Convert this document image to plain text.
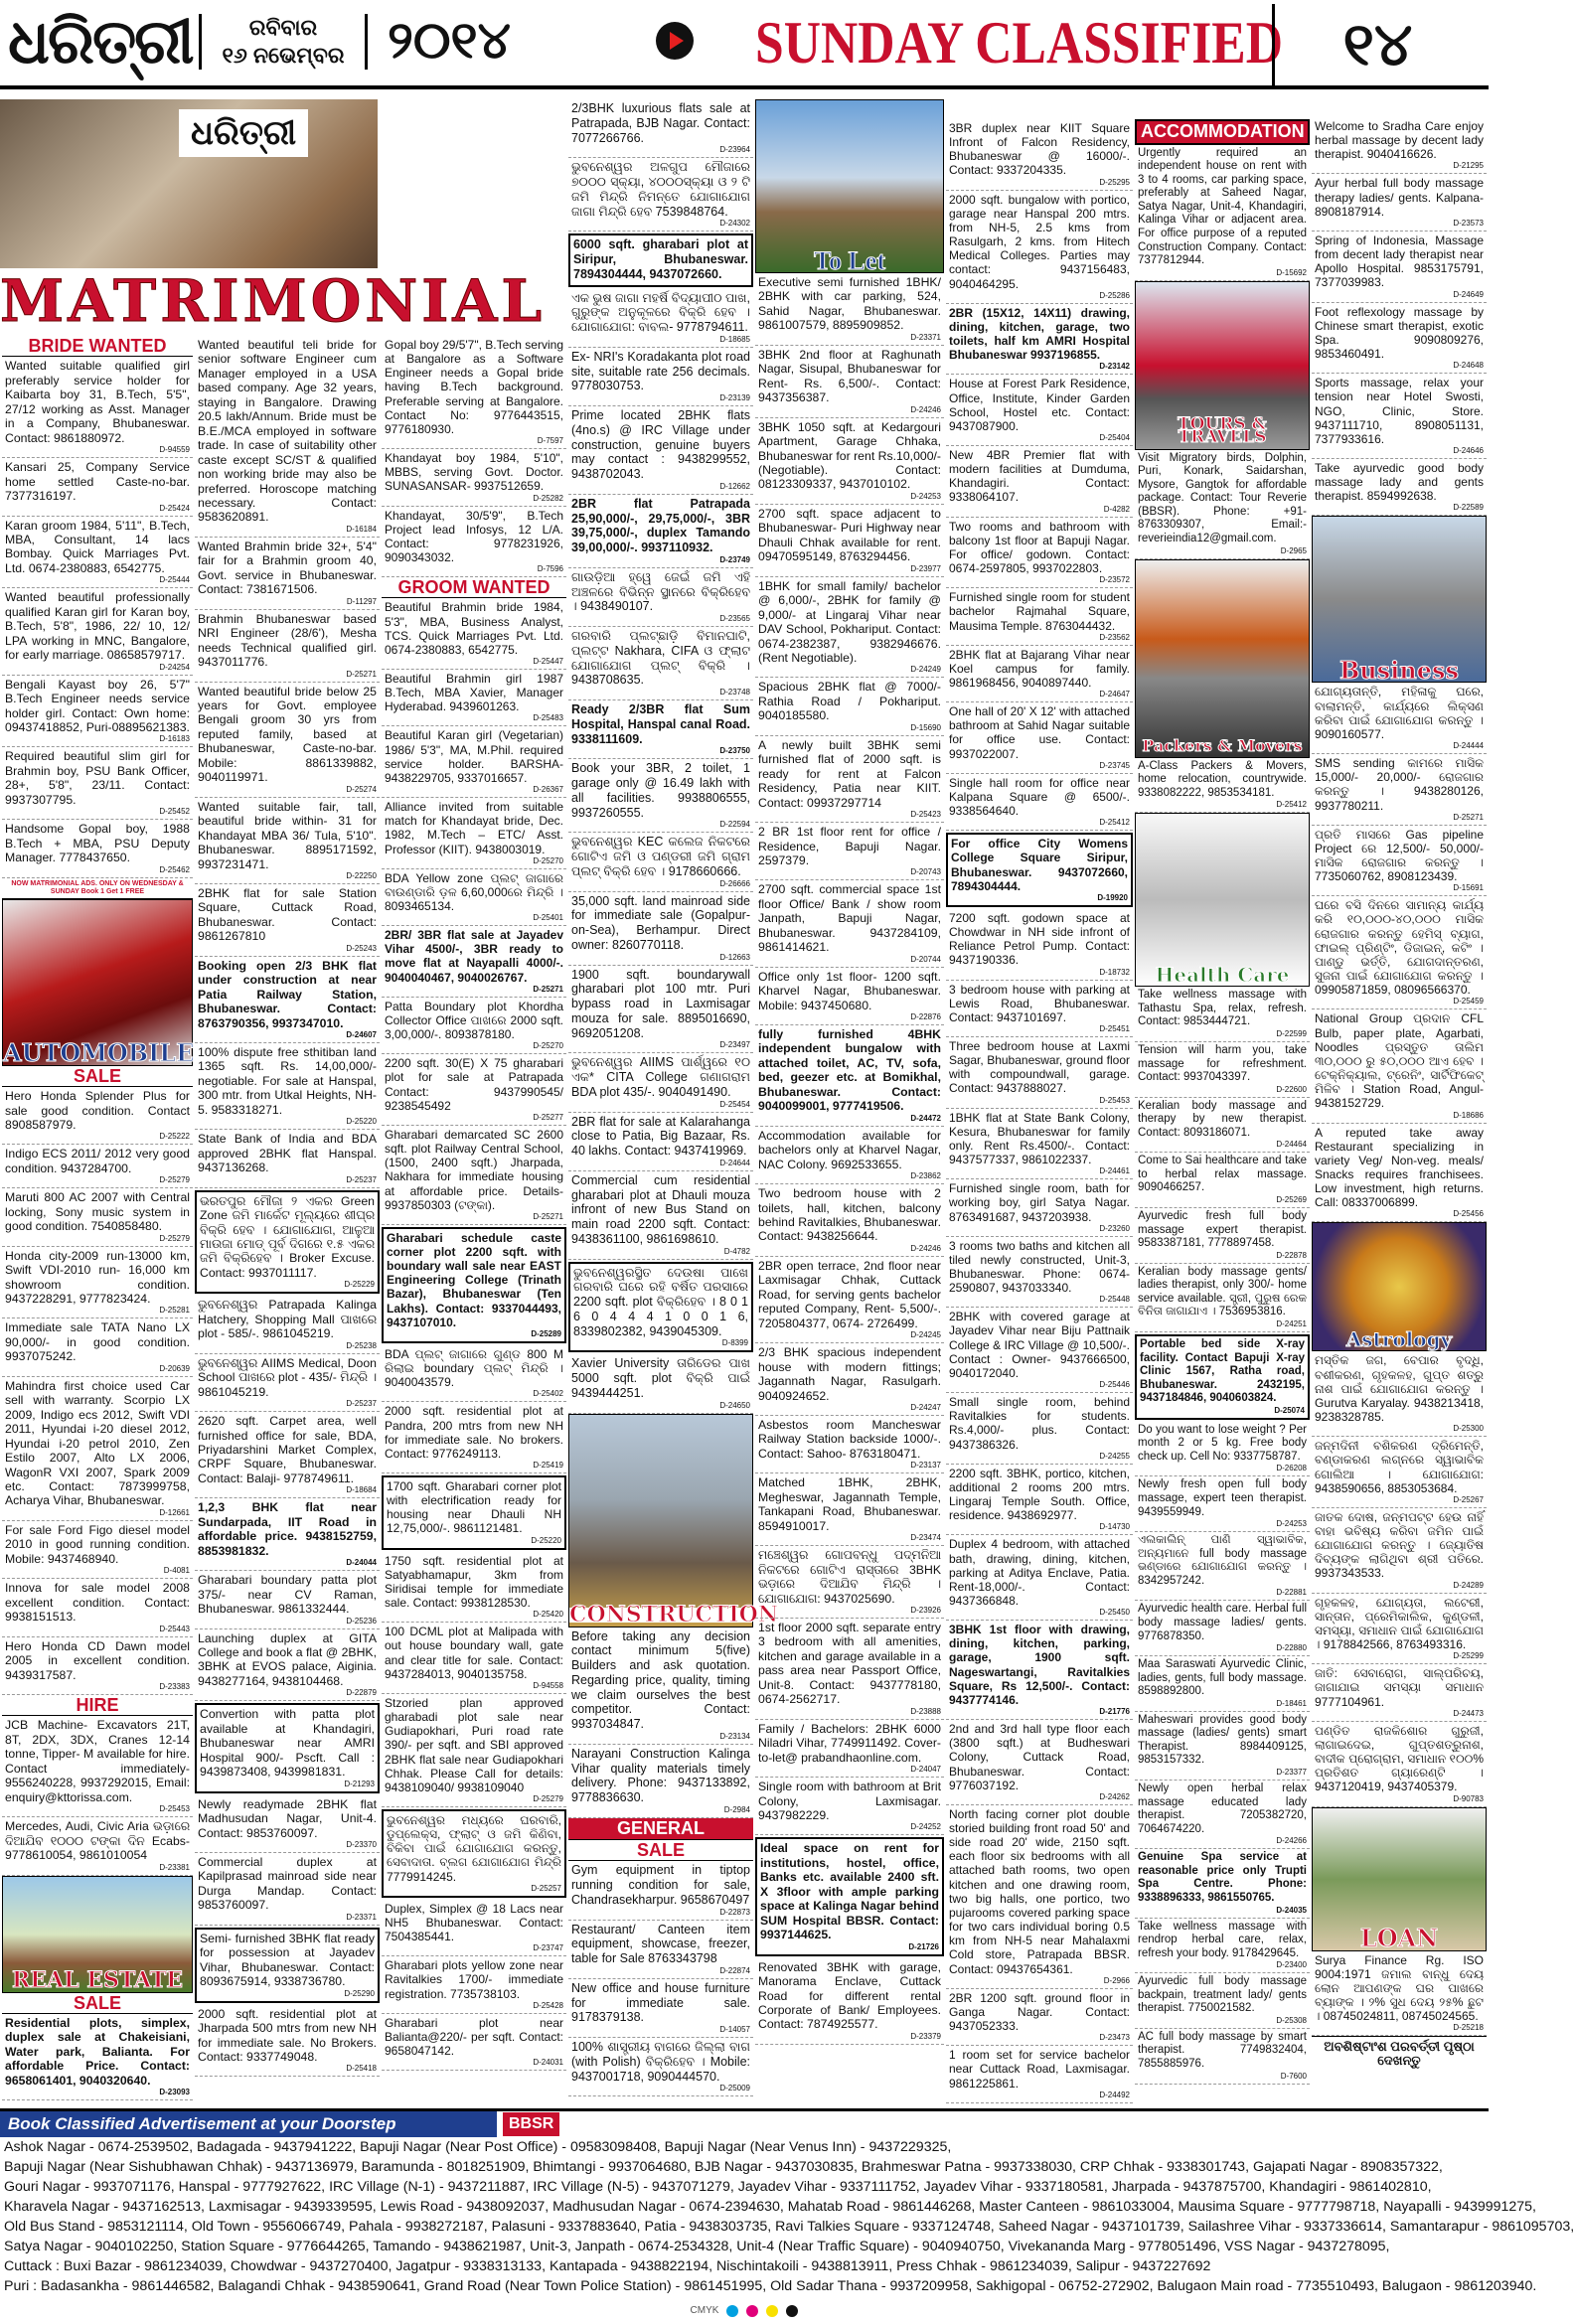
ଧରିତ୍ରୀ	ରବିବାର
୧୬ ନଭେମ୍ବର ୨୦୧୪	SUNDAY CLASSIFIED	୧୪
ଧରିତ୍ରୀ
MATRIMONIAL
BRIDE WANTED
Wanted suitable qualified girl preferably service holder for Kaibarta boy 31, B.Tech, 5'5", 27/12 working as Asst. Manager in a Company, Bhubaneswar. Contact: 9861880972.
D-94559
Kansari 25, Company Service home settled Caste-no-bar. 7377316197.
D-25424
Karan groom 1984, 5'11", B.Tech, MBA, Consultant, 14 lacs Bombay. Quick Marriages Pvt. Ltd. 0674-2380883, 6542775.
D-25444
Wanted beautiful professionally qualified Karan girl for Karan boy, B.Tech, 5'8", 1986, 22/ 10, 12/ LPA working in MNC, Bangalore, for early marriage. 08658579717.
D-24254
Bengali Kayast boy 26, 5'7" B.Tech Engineer needs service holder girl. Contact: Own home: 09437418852, Puri-08895621383.
D-16183
Required beautiful slim girl for Brahmin boy, PSU Bank Officer, 28+, 5'8", 23/11. Contact: 9937307795.
D-25452
Handsome Gopal boy, 1988 B.Tech + MBA, PSU Deputy Manager. 7778437650.
D-25462
NOW MATRIMONIAL ADS. ONLY ON WEDNESDAY & SUNDAY Book 1 Get 1 FREE
AUTOMOBILE
SALE
Hero Honda Splender Plus for sale good condition. Contact 8908587979.
D-25222
Indigo ECS 2011/ 2012 very good condition. 9437284700.
D-25279
Maruti 800 AC 2007 with Central locking, Sony music system in good condition. 7540858480.
D-25279
Honda city-2009 run-13000 km, Swift VDI-2010 run- 16,000 km showroom condition. 9437228291, 9777823424.
D-25281
Immediate sale TATA Nano LX 90,000/- in good condition. 9937075242.
D-20639
Mahindra first choice used Car sell with warranty. Scorpio LX 2009, Indigo ecs 2012, Swift VDI 2011, Hyundai i-20 diesel 2012, Hyundai i-20 petrol 2010, Zen Estilo 2007, Alto LX 2006, WagonR VXI 2007, Spark 2009 etc. Contact: 7873999758, Acharya Vihar, Bhubaneswar.
D-12661
For sale Ford Figo diesel model 2010 in good running condition. Mobile: 9437468940.
D-4081
Innova for sale model 2008 excellent condition. Contact: 9938151513.
D-25443
Hero Honda CD Dawn model 2005 in excellent condition. 9439317587.
D-23383
HIRE
JCB Machine- Excavators 21T, 8T, 2DX, 3DX, Cranes 12-14 tonne, Tipper- M available for hire. Contact immediately- 9556240228, 9937292015, Email: enquiry@kttorissa.com.
D-25453
Mercedes, Audi, Civic Aria ଭଡ଼ାରେ ଦିଆଯିବ ୧୦୦୦ ଟଙ୍କା ଦିନ Ecabs-9778610054, 9861010054
D-23381
REAL ESTATE
SALE
Residential plots, simplex, duplex sale at Chakeisiani, Water park, Balianta. For affordable Price. Contact: 9658061401, 9040320640.
D-23093
Wanted beautiful teli bride for senior software Engineer cum Manager employed in a USA based company. Age 32 years, staying in Bangalore. Drawing 20.5 lakh/Annum. Bride must be B.E./MCA employed in software trade. In case of suitability other caste except SC/ST & qualified non working bride may also be preferred. Horoscope matching necessary. Contact: 9583620891.
D-16184
Wanted Brahmin bride 32+, 5'4" fair for a Brahmin groom 40, Govt. service in Bhubaneswar. Contact: 7381671506.
D-11297
Brahmin Bhubaneswar based NRI Engineer (28/6'), Mesha needs Technical qualified girl. 9437011776.
D-25271
Wanted beautiful bride below 25 years for Govt. employee Bengali groom 30 yrs from reputed family, based at Bhubaneswar, Caste-no-bar. Mobile: 8861339882, 9040119971.
D-25274
Wanted suitable fair, tall, beautiful bride within- 31 for Khandayat MBA 36/ Tula, 5'10". Bhubaneswar. 8895171592, 9937231471.
D-22250
2BHK flat for sale Station Square, Cuttack Road, Bhubaneswar. Contact: 9861267810
D-25243
Booking open 2/3 BHK flat under construction at near Patia Railway Station, Bhubaneswar. Contact: 8763790356, 9937347010.
D-24607
100% dispute free sthitiban land 1365 sqft. Rs. 14,00,000/- negotiable. For sale at Hanspal, 300 mtr. from Utkal Heights, NH-5. 9583318271.
D-25220
State Bank of India and BDA approved 2BHK flat Hanspal. 9437136268.
D-25237
ଭରତପୁର ମୌଜା ୨ ଏକର Green Zone ଜମି ମାର୍କେଟ ମୂଲ୍ୟରେ ଶୀଘ୍ର ବିକ୍ରି ହେବ । ଯୋଗାଯୋଗ, ଆଳୁଆ ମାଉଜା ମୋଡ୍ ପୂର୍ବ ଦିଗରେ ୧.୫ ଏକର ଜମି ବିକ୍ରିହେବ । Broker Excuse. Contact: 9937011117.
D-25229
ଭୁବନେଶ୍ୱର Patrapada Kalinga Hatchery, Shopping Mall ପାଖରେ plot - 585/-. 9861045219.
D-25238
ଭୁବନେଶ୍ୱର AIIMS Medical, Doon School ପାଖରେ plot - 435/- ମିନ୍ଦ୍ରି । 9861045219.
D-25237
2620 sqft. Carpet area, well furnished office for sale, BDA, Priyadarshini Market Complex, CRPF Square, Bhubaneswar. Contact: Balaji- 9778749611.
D-18684
1,2,3 BHK flat near Sundarpada, IIT Road in affordable price. 9438152759, 8853981832.
D-24044
Gharabari boundary patta plot 375/- near CV Raman, Bhubaneswar. 9861332444.
D-25236
Launching duplex at GITA College and book a flat @ 2BHK, 3BHK at EVOS palace, Aiginia. 9438277164, 9438104468.
D-22879
Convertion with patta plot available at Khandagiri, Bhubaneswar near AMRI Hospital 900/- Pscft. Call : 9439873408, 9439981831.
D-21293
Newly readymade 2BHK flat Madhusudan Nagar, Unit-4. Contact: 9853760097.
D-23370
Commercial duplex at Kapilprasad mainroad side near Durga Mandap. Contact: 9853760097.
D-23371
Semi- furnished 3BHK flat ready for possession at Jayadev Vihar, Bhubaneswar. Contact: 8093675914, 9338736780.
D-25290
2000 sqft. residential plot at Jharpada 500 mtrs from new NH for immediate sale. No Brokers. Contact: 9337749048.
D-25418
Gopal boy 29/5'7", B.Tech serving at Bangalore as a Software Engineer needs a Gopal bride having B.Tech background. Preferable serving at Bangalore. Contact No: 9776443515, 9776180930.
D-7597
Khandayat boy 1984, 5'10", MBBS, serving Govt. Doctor. SUNASANSAR- 9937512659.
D-25282
Khandayat, 30/5'9", B.Tech Project lead Infosys, 12 L/A. Contact: 9778231926, 9090343032.
D-7596
GROOM WANTED
Beautiful Brahmin bride 1984, 5'3", MBA, Business Analyst, TCS. Quick Marriages Pvt. Ltd. 0674-2380883, 6542775.
D-25447
Beautiful Brahmin girl 1987 B.Tech, MBA Xavier, Manager Hyderabad. 9439601263.
D-25483
Beautiful Karan girl (Vegetarian) 1986/ 5'3", MA, M.Phil. required service holder. BARSHA- 9438229705, 9337016657.
D-26367
Alliance invited from suitable match for Khandayat bride, Dec. 1982, M.Tech – ETC/ Asst. Professor (KIIT). 9438003019.
D-25270
BDA Yellow zone ପ୍ଲଟ୍ ଜାଗାରେ ବାଉଣ୍ଡାରି ଡ଼ଳ 6,60,000ରେ ମିନ୍ଦ୍ରି । 8093465134.
D-25401
2BR/ 3BR flat sale at Jayadev Vihar 4500/-, 3BR ready to move flat at Nayapalli 4000/-. 9040040467, 9040026767.
D-25271
Patta Boundary plot Khordha Collector Office ପାଖରେ 2000 sqft. 3,00,000/-. 8093878180.
D-25270
2200 sqft. 30(E) X 75 gharabari plot for sale at Patrapada Contact: 9437990545/ 9238545492
D-25277
Gharabari demarcated SC 2600 sqft. plot Railway Central School, (1500, 2400 sqft.) Jharpada, Nakhara for immediate housing at affordable price. Details- 9937850303 (ଟଙ୍କା).
D-25271
Gharabari schedule caste corner plot 2200 sqft. with boundary wall sale near EAST Engineering College (Trinath Bazar), Bhubaneswar (Ten Lakhs). Contact: 9337044493, 9437107010.
D-25289
BDA ପ୍ଲଟ୍ ଜାଗାରେ ଗୁଣ୍ଡ 800 M ରିଲାଇ boundary ପ୍ଲଟ୍ ମିନ୍ଦ୍ରି । 9040043579.
D-25402
2000 sqft. residential plot at Pandra, 200 mtrs from new NH for immediate sale. No brokers. Contact: 9776249113.
D-25419
1700 sqft. Gharabari corner plot with electrification ready for housing near Dhauli NH 12,75,000/-. 9861121481.
D-25220
1750 sqft. residential plot at Satyabhamapur, 3km from Siridisai temple for immediate sale. Contact: 9938128530.
D-25420
100 DCML plot at Malipada with out house boundary wall, gate and clear title for sale. Contact: 9437284013, 9040135758.
D-94558
Stzoried plan approved gharabadi plot sale near Gudiapokhari, Puri road rate 390/- per sqft. and SBI approved 2BHK flat sale near Gudiapokhari Chhak. Please Call for details: 9438109040/ 9938109040
D-25279
ଭୁବନେଶ୍ୱର ମଧ୍ୟରେ ଘରବାରି, ଡୁପ୍ଲେକ୍ସ, ଫ୍ଲାଟ୍ ଓ ଜମି କିଣିବା, ବିକିବା ପାଇଁ ଯୋଗାଯୋଗ କରନ୍ତୁ, ସେବାଦାତା. ବ୍ଲଗ ଯୋଗାଯୋଗ ମିନ୍ଦ୍ରି 7779914245.
D-25257
Duplex, Simplex @ 18 Lacs near NH5 Bhubaneswar. Contact: 7504385441.
D-23747
Gharabari plots yellow zone near Ravitalkies 1700/- immediate registration. 7735738103.
D-25428
Gharabari plot near Balianta@220/- per sqft. Contact: 9658047142.
D-24031
2/3BHK luxurious flats sale at Patrapada, BJB Nagar. Contact: 7077266766.
D-23964
ଭୁବନେଶ୍ୱର ଅଳଗୁପ ମୌଜାରେ ୭୦୦୦ ସ୍କ୍ୟା, ୪୦୦୦ସ୍କ୍ୟା ଓ ୨ ଟି ଜମି ମିନ୍ଦ୍ରି ନିମନ୍ତେ ଯୋଗାଯୋଗ ଜାଗା ମିନ୍ଦ୍ରି ହେବ 7539848764.
D-24302
6000 sqft. gharabari plot at Siripur, Bhubaneswar. 7894304444, 9437072660.
ଏକ ଭୁଷ ଜାଗା ମହର୍ଷି ବିଦ୍ୟାପୀଠ ପାଖ, ଗୁରୁଙ୍କ ଅନୁକୂଳରେ ବିକ୍ରି ହେବ । ଯୋଗାଯୋଗ: ବାବଲ- 9778794611.
D-18685
Ex- NRI's Koradakanta plot road site, suitable rate 256 decimals. 9778030753.
D-23139
Prime located 2BHK flats (4no.s) @ IRC Village under construction, genuine buyers may contact : 9438299552, 9438702043.
D-12662
2BR flat Patrapada 25,90,000/-, 29,75,000/-, 3BR 39,75,000/-, duplex Tamando 39,00,000/-. 9937110932.
D-23749
ଗାଉଡ଼ିଆ ହ୍ୱେ ଜେଇଁ ଜମି ଏହି ଅଞ୍ଚଳରେ ବିଭିନ୍ନ ସ୍ଥାନରେ ବିକ୍ରିହେବ । 9438490107.
D-23565
ଗରବାରି ପ୍ଲଟ୍‌ଛାଡ଼ି ବିମାନଘାଟି, ପ୍ଲଟ୍‌ଟ Nakhara, CIFA ଓ ଫ୍ଲାଟ ଯୋଗାଯୋଗ ପ୍ଲଟ୍ ବିକ୍ରି । 9438708635.
D-23748
Ready 2/3BR flat Sum Hospital, Hanspal canal Road. 9338111609.
D-23750
Book your 3BR, 2 toilet, 1 garage only @ 16.49 lakh with all facilities. 9938806555, 9937260555.
D-22594
ଭୁବନେଶ୍ୱର KEC କଲେଜ ନିକଟରେ ଗୋଟିଏ ଜମି ଓ ପଣ୍ଡରୀ ଜମି ଗ୍ରାମ ପ୍ଲଟ୍ ବିକ୍ରି ହେବ । 9178660666.
D-26666
35,000 sqft. land mainroad side for immediate sale (Gopalpur-on-Sea), Berhampur. Direct owner: 8260770118.
D-12663
1900 sqft. boundarywall gharabari plot 100 mtr. Puri bypass road in Laxmisagar mouza for sale. 8895016690, 9692051208.
D-23497
ଭୁବନେଶ୍ୱର AIIMS ପାର୍ଶ୍ୱରେ ୧୦ ଏକ* CITA College ଗଣାଗରାମ BDA plot 435/-. 9040491490.
D-25454
2BR flat for sale at Kalarahanga close to Patia, Big Bazaar, Rs. 40 lakhs. Contact: 9437419969.
D-24644
Commercial cum residential gharabari plot at Dhauli mouza infront of new Bus Stand on main road 2200 sqft. Contact: 9438361100, 9861698610.
D-4782
ଭୁବନେଶ୍ୱରସ୍ଥିତ ଦେଉଷା ପାଖେ ଗରବାରି ଘରେ ରହି ବର୍ଷିତ ପରସାରେ 2200 sqft. plot ବିକ୍ରିହେବ । 8 0 1 6 0 4 4 4 1 0 0 1 6, 8339802382, 9439045309.
D-8399
Xavier University ତାରିଡେର ପାଖ 5000 sqft. plot ବିକ୍ରି ପାଇଁ 9439444251.
D-24650
CONSTRUCTION
Before taking any decision contact minimum 5(five) Builders and ask quotation. Regarding price, quality, timing we claim ourselves the best competitor. Contact: 9937034847.
D-23134
Narayani Construction Kalinga Vihar quality materials timely delivery. Phone: 9437133892, 9778836630.
D-2984
GENERAL
SALE
Gym equipment in tiptop running condition for sale, Chandrasekharpur. 9658670497
D-22873
Restaurant/ Canteen item equipment, showcase, freezer, table for Sale 8763343798
D-22874
New office and house furniture for immediate sale. 9178379138.
D-14057
100% ଶାସ୍ତ୍ରୀୟ ବାଗରେ ଜିଲ୍ଲା ବାଗ (with Polish) ବିକ୍ରିହେବ । Mobile: 9437001718, 9090444570.
D-25009
To Let
Executive semi furnished 1BHK/ 2BHK with car parking, 524, Sahid Nagar, Bhubaneswar. 9861007579, 8895909852.
D-23371
3BHK 2nd floor at Raghunath Nagar, Sisupal, Bhubaneswar for Rent- Rs. 6,500/-. Contact: 9437356387.
D-24246
3BHK 1050 sqft. at Kedargouri Apartment, Garage Chhaka, Bhubaneswar for rent Rs.10,000/- (Negotiable). Contact: 08123309337, 9437010102.
D-24253
2700 sqft. space adjacent to Bhubaneswar- Puri Highway near Dhauli Chhak available for rent. 09470595149, 8763294456.
D-23977
1BHK for small family/ bachelor @ 6,000/-, 2BHK for family @ 9,000/- at Lingaraj Vihar near DAV School, Pokhariput. Contact: 0674-2382387, 9382946676. (Rent Negotiable).
D-24249
Spacious 2BHK flat @ 7000/- Rathia Road / Pokhariput. 9040185580.
D-15690
A newly built 3BHK semi furnished flat of 2000 sqft. is ready for rent at Falcon Residency, Patia near KIIT. Contact: 09937297714
D-25423
2 BR 1st floor rent for office / Residence, Bapuji Nagar. 2597379.
D-20743
2700 sqft. commercial space 1st floor Office/ Bank / show room Janpath, Bapuji Nagar, Bhubaneswar. 9437284109, 9861414621.
D-20744
Office only 1st floor- 1200 sqft. Kharvel Nagar, Bhubaneswar. Mobile: 9437450680.
D-22876
fully furnished 4BHK independent bungalow with attached toilet, AC, TV, sofa, bed, geezer etc. at Bomikhal, Bhubaneswar. Contact: 9040099001, 9777419506.
D-24472
Accommodation available for bachelors only at Kharvel Nagar, NAC Colony. 9692533655.
D-23862
Two bedroom house with 2 toilets, hall, kitchen, balcony behind Ravitalkies, Bhubaneswar. Contact: 9438256644.
D-24246
2BR open terrace, 2nd floor near Laxmisagar Chhak, Cuttack Road, for serving gents bachelor reputed Company, Rent- 5,500/-. 7205804377, 0674- 2726499.
D-24245
2/3 BHK spacious independent house with modern fittings; Jagannath Nagar, Rasulgarh. 9040924652.
D-24247
Asbestos room Mancheswar Railway Station backside 1000/-. Contact: Sahoo- 8763180471.
D-23137
Matched 1BHK, 2BHK, Megheswar, Jagannath Temple, Tankapani Road, Bhubaneswar. 8594910017.
D-23474
ମଞ୍ଚେଶ୍ୱର ଗୋପବନ୍ଧୁ ପଦ୍ମନିଆ ନିକଟରେ ଗୋଟିଏ ରାସ୍ତାରେ 3BHK ଭଡ଼ାରେ ଦିଆଯିବ ମିନ୍ଦ୍ରି । ଯୋଗାଯୋଗ: 9437025690.
D-23926
1st floor 2000 sqft. separate entry 3 bedroom with all amenities, kitchen and garage available in a pass area near Passport Office, Unit-8. Contact: 9437778180, 0674-2562717.
D-23888
Family / Bachelors: 2BHK 6000 Niladri Vihar, 7749911492. Cover- to-let@ prabandhaonline.com.
D-24047
Single room with bathroom at Brit Colony, Laxmisagar. 9437982229.
D-24252
Ideal space on rent for institutions, hostel, office, Banks etc. available 2400 sft. X 3floor with ample parking space at Kalinga Nagar behind SUM Hospital BBSR. Contact: 9937144625.
D-21726
Renovated 3BHK with garage, Manorama Enclave, Cuttack Road for different rental Corporate of Bank/ Employees. Contact: 7874925577.
D-23379
3BR duplex near KIIT Square Infront of Falcon Residency, Bhubaneswar @ 16000/-. Contact: 9337204335.
D-25295
2000 sqft. bungalow with portico, garage near Hanspal 200 mtrs. from NH-5, 2.5 kms from Rasulgarh, 2 kms. from Hitech Medical Colleges. Parties may contact: 9437156483, 9040464295.
D-25286
2BR (15X12, 14X11) drawing, dining, kitchen, garage, two toilets, half km AMRI Hospital Bhubaneswar 9937196855.
D-23142
House at Forest Park Residence, Office, Institute, Kinder Garden School, Hostel etc. Contact: 9437087900.
D-25404
New 4BR Premier flat with modern facilities at Dumduma, Khandagiri. Contact: 9338064107.
D-4282
Two rooms and bathroom with balcony 1st floor at Bapuji Nagar. For office/ godown. Contact: 0674-2597805, 9937022803.
D-23572
Furnished single room for student bachelor Rajmahal Square, Mausima Temple. 8763044432.
D-23562
2BHK flat at Bajarang Vihar near Koel campus for family. 9861968456, 9040897440.
D-24647
One hall of 20' X 12' with attached bathroom at Sahid Nagar suitable for office use. Contact: 9937022007.
D-23745
Single hall room for office near Kalpana Square @ 6500/-. 9338564640.
D-25412
For office City Womens College Square Siripur, Bhubaneswar. 9437072660, 7894304444.
D-19920
7200 sqft. godown space at Chowdwar in NH side infront of Reliance Petrol Pump. Contact: 9437190336.
D-18732
3 bedroom house with parking at Lewis Road, Bhubaneswar. Contact: 9437101697.
D-25451
Three bedroom house at Laxmi Sagar, Bhubaneswar, ground floor with compoundwall, garage. Contact: 9437888027.
D-25453
1BHK flat at State Bank Colony, Kesura, Bhubaneswar for family only. Rent Rs.4500/-. Contact: 9437577337, 9861022337.
D-24461
Furnished single room, bath for working boy, girl Satya Nagar. 8763491687, 9437203938.
D-23260
3 rooms two baths and kitchen all tiled newly constructed, Unit-3, Bhubaneswar. Phone: 0674-2590807, 9437033340.
D-25448
2BHK with covered garage at Jayadev Vihar near Biju Pattnaik College & IRC Village @ 10,500/-. Contact : Owner- 9437666500, 9040172040.
D-25446
Small single room, behind Ravitalkies for students. Rs.4,000/- plus. Contact: 9437386326.
D-24255
2200 sqft. 3BHK, portico, kitchen, additional 2 rooms 200 mtrs. Lingaraj Temple South. Office, residence. 9438692977.
D-14730
Duplex 4 bedroom, with attached bath, drawing, dining, kitchen, parking at Aditya Enclave, Patia. Rent-18,000/-. Contact: 9437366848.
D-25450
3BHK 1st floor with drawing, dining, kitchen, parking, garage, 1900 sqft. Nageswartangi, Ravitalkies Square, Rs 12,500/-. Contact: 9437774146.
D-21776
2nd and 3rd hall type floor each (3800 sqft.) at Budheswari Colony, Cuttack Road, Bhubaneswar. Contact: 9776037192.
D-24262
North facing corner plot double storied building front road 50' and side road 20' wide, 2150 sqft. each floor six bedrooms with all attached bath rooms, two open kitchen and one drawing room, two big halls, one portico, two pujarooms covered parking space for two cars individual boring 0.5 km from NH-5 near Mahalaxmi Cold store, Patrapada BBSR. Contact: 09437654361.
D-2966
2BR 1200 sqft. ground floor in Ganga Nagar. Contact: 9437052333.
D-23473
1 room set for service bachelor near Cuttack Road, Laxmisagar. 9861225861.
D-24492
ACCOMMODATION
Urgently required an independent house on rent with 3 to 4 rooms, car parking space, preferably at Saheed Nagar, Satya Nagar, Unit-4, Khandagiri, Kalinga Vihar or adjacent area. For office purpose of a reputed Construction Company. Contact: 7377812944.
D-15692
TOURS & TRAVELS
Visit Migratory birds, Dolphin, Puri, Konark, Saidarshan, Mysore, Gangtok for affordable package. Contact: Tour Reverie (BBSR). Phone: +91-8763309307, Email:- reverieindia12@gmail.com.
D-2965
Packers & Movers
A-Class Packers & Movers, home relocation, countrywide. 9338082222, 9853534181.
D-25412
Health Care
Take wellness massage with Tathastu Spa, relax, refresh. Contact: 9853444721.
D-22599
Tension will harm you, take massage for refreshment. Contact: 9937043397.
D-22600
Keralian body massage and therapy by new therapist. Contact: 8093186071.
D-24464
Come to Sai healthcare and take to herbal relax massage. 9090466257.
D-25269
Ayurvedic fresh full body massage expert therapist. 9583387181, 7778897458.
D-22878
Keralian body massage gents/ ladies therapist, only 300/- home service available. ସ୍ତ୍ରୀ, ପୁରୁଷ ରେକ ବିନିତା ଜାଗାଯାଏ । 7536953816.
D-24251
Portable bed side X-ray facility. Contact Bapuji X-ray Clinic 1567, Ratha road, Bhubaneswar. 2432195, 9437184846, 9040603824.
D-25074
Do you want to lose weight ? Per month 2 or 5 kg. Free body check up. Cell No: 9337758787.
D-26208
Newly fresh open full body massage, expert teen therapist. 9439559949.
D-24253
ଏଲକାଲିନ୍ ପାଣି ସ୍ୱାଭାବିକ, ଅନ୍ୟମାନେ full body massage ଭଣ୍ଡାରେ ଯୋଗାଯୋଗ କରନ୍ତୁ । 8342957242.
D-22881
Ayurvedic health care. Herbal full body massage ladies/ gents. 9776878350.
D-22880
Maa Saraswati Ayurvedic Clinic, ladies, gents, full body massage. 8598892800.
D-18461
Maheswari provides good body massage (ladies/ gents) smart Therapist. 8984409125, 9853157332.
D-23377
Newly open herbal relax massage educated lady therapist. 7205382720, 7064674220.
D-24266
Genuine Spa service at reasonable price only Trupti Spa Centre. Phone: 9338896333, 9861550765.
D-24035
Take wellness massage with rendrop herbal care, relax, refresh your body. 9178429645.
D-23400
Ayurvedic full body massage backpain, treatment lady/ gents therapist. 7750021582.
D-25308
AC full body massage by smart therapist. 7749832404, 7855885976.
D-7600
Welcome to Sradha Care enjoy herbal massage by decent lady therapist. 9040416626.
D-21295
Ayur herbal full body massage therapy ladies/ gents. Kalpana- 8908187914.
D-23573
Spring of Indonesia, Massage from decent lady therapist near Apollo Hospital. 9853175791, 7377039983.
D-24649
Foot reflexology massage by Chinese smart therapist, exotic Spa. 9090809276, 9853460491.
D-24648
Sports massage, relax your tension near Hotel Swosti, NGO, Clinic, Store. 9437111710, 8908051131, 7377933616.
D-24646
Take ayurvedic good body massage lady and gents therapist. 8594992638.
D-22589
Business
ଯୋଗ୍ୟତାନ୍ତି, ମହିଳାକୁ ଘରେ, ବାଲାମନ୍ତି, କାର୍ଯ୍ୟରେ ଲିକ୍ସଣ କରିବା ପାଇଁ ଯୋଗାଯୋଗ କରନ୍ତୁ । 9090160577.
D-24444
SMS sending କାମରେ ମାସିକ 15,000/- 20,000/- ରୋଜଗାର କରନ୍ତୁ । 9438280126, 9937780211.
D-25271
ପ୍ରତି ମାସରେ Gas pipeline Project ରେ 12,500/- 50,000/- ମାସିକ ରୋଜଗାର କରନ୍ତୁ । 7735060762, 8908123439.
D-15691
ଘରେ ବସି ଦିନରେ ସାମାନ୍ୟ କାର୍ଯ୍ୟ କରି ୧୦,୦୦୦-୪୦,୦୦୦ ମାସିକ ରୋଜଗାର କରନ୍ତୁ ହେମିସ୍ ବ୍ୟାଗ, ଫାଇଲ୍ ପ୍ରିଣ୍ଟିଂ, ଡିଜାଇନ୍, କଟିଂ । ପାଣ୍ଡୁ ଭର୍ତ୍ତି, ଯୋଗଦାନ୍ତରଣ, ସୁଜନା ପାଇଁ ଯୋଗାଯୋଗ କରନ୍ତୁ । 09905871859, 08096566370.
D-25459
National Group ପ୍ରଦାନ CFL Bulb, paper plate, Agarbati, Noodles ପ୍ରସ୍ତୁତ ତାଲିମ ୩୦,୦୦୦ ରୁ ୫୦,୦୦୦ ଆଏ ହେବ । ଟେକ୍ନିକ୍ୟାଲ, ଟ୍ରେନିଂ, ସାର୍ଟିଫିକେଟ୍ ମିଳିବ । Station Road, Angul- 9438152729.
D-18686
A reputed take away Restaurant specializing in variety Veg/ Non-veg. meals/ Snacks requires franchisees. Low investment, high returns. Call: 08337006899.
D-25456
Astrology
ମସ୍ତିକ ଜଗ, ବେପାର ବୃଦ୍ଧି, ବଶୀକରଣ, ଗୃହକଳହ, ଗୁପ୍ତ ଶତ୍ରୁ ନାଶ ପାଇଁ ଯୋଗାଯୋଗ କରନ୍ତୁ । Gurutva Karyalay. 9438213418, 9238328785.
D-25300
ଜନ୍ମଦିନୀ ବଶିକରଣ ଦ୍ରିମେନ୍ତି, ବଣ୍ଡାକରଣ ଲଗ୍ନରେ ସ୍ୱାଭାବିକ ଗୋଲିଆ । ଯୋଗାଯୋଗ: 9438590656, 8853053684.
D-25267
ଜାତକ ଦୋଷ, ଜନ୍ମପଟ୍ଟ ହେଉ ନାହିଁ ବାହା ଭବିଷ୍ୟ କରିବା ଜମିନ ପାଇଁ ଯୋଗାଯୋଗ କରନ୍ତୁ । ଜ୍ୟୋତିଷ ଦିବ୍ୟଙ୍କ ଲାଗିଥିବା ଶ୍ରୀ ପତିରେ. 9937343533.
D-24289
ଗୃହକଳହ, ଯୋଗ୍ୟତା, ଲଟେରୀ, ସାନ୍ତାନ, ପ୍ରେମିକାଲିକ, କୁଣ୍ଡଳୀ, ସମସ୍ୟା, ସମାଧାନ ପାଇଁ ଯୋଗାଯୋଗ । 9178842566, 8763493316.
D-25299
ଜାତି: ସେବାରୋଗ, ସାଲ୍ପରିଚୟ, ଜାଗାଯାଇ ସମସ୍ୟା ସମାଧାନ 9777104961.
D-24473
ପଣ୍ଡିତ ରାଜକିଶୋର ଗୁରୁଜୀ, ଲାଗାଇଦେଇ, ଗୁପ୍ତଶତ୍ରୁନାଶ, ବାଦୀକ ପ୍ରୋଗ୍ରାମ, ସମାଧାନ ୧୦୦% ପ୍ରତିଶତ ଗ୍ୟାରେଣ୍ଟି । 9437120419, 9437405379.
D-90783
LOAN
Surya Finance Rg. ISO 9004:1971 ଜମାଲ ବାନ୍ଧୁ ଦେୟ ଲୋନ ଆପଣଙ୍କ ଘର ପାଖରେ ବ୍ୟାଙ୍କ । ୨% ସୁଧ ଦେୟ ୨୫% ଛୁଟ । 08745024811, 08745024565.
D-25218
ଅବଶିଷ୍ଟାଂଶ ପରବର୍ତ୍ତୀ ପୃଷ୍ଠା ଦେଖନ୍ତୁ
Book Classified Advertisement at your Doorstep	BBSR
Ashok Nagar - 0674-2539502, Badagada - 9437941222, Bapuji Nagar (Near Post Office) - 09583098408, Bapuji Nagar (Near Venus Inn) - 9437229325,
Bapuji Nagar (Near Sishubhawan Chhak) - 9437136979, Baramunda - 8018251909, Bhimtangi - 9937064680, BJB Nagar - 9437030835, Brahmeswar Patna - 9937338030, CRP Chhak - 9338301743, Gajapati Nagar - 8908357322,
Gouri Nagar - 9937071176, Hanspal - 9777927622, IRC Village (N-1) - 9437211887, IRC Village (N-5) - 9437071279, Jayadev Vihar - 9337111752, Jayadev Vihar - 9337180581, Jharpada - 9437875700, Khandagiri - 9861402810,
Kharavela Nagar - 9437162513, Laxmisagar - 9439339595, Lewis Road - 9438092037, Madhusudan Nagar - 0674-2394630, Mahatab Road - 9861446268, Master Canteen - 9861033004, Mausima Square - 9777798718, Nayapalli - 9439991275,
Old Bus Stand - 9853121114, Old Town - 9556066749, Pahala - 9938272187, Palasuni - 9337883640, Patia - 9438303735, Ravi Talkies Square - 9337124748, Saheed Nagar - 9437101739, Sailashree Vihar - 9337336614, Samantarapur - 9861095703,
Satya Nagar - 9040102250, Station Square - 9776644265, Tamando - 9438621987, Unit-3, Janpath - 0674-2534328, Unit-4 (Near Traffic Square) - 9040940750, Vivekananda Marg - 9778051496, VSS Nagar - 9437278095,
Cuttack : Buxi Bazar - 9861234039, Chowdwar - 9437270400, Jagatpur - 9338313133, Kantapada - 9438822194, Nischintakoili - 9438813911, Press Chhak - 9861234039, Salipur - 9437227692
Puri : Badasankha - 9861446582, Balagandi Chhak - 9438590641, Grand Road (Near Town Police Station) - 9861451995, Old Sadar Thana - 9937209958, Sakhigopal - 06752-272902, Balugaon Main road - 7735510493, Balugaon - 9861203940.
CMYK
